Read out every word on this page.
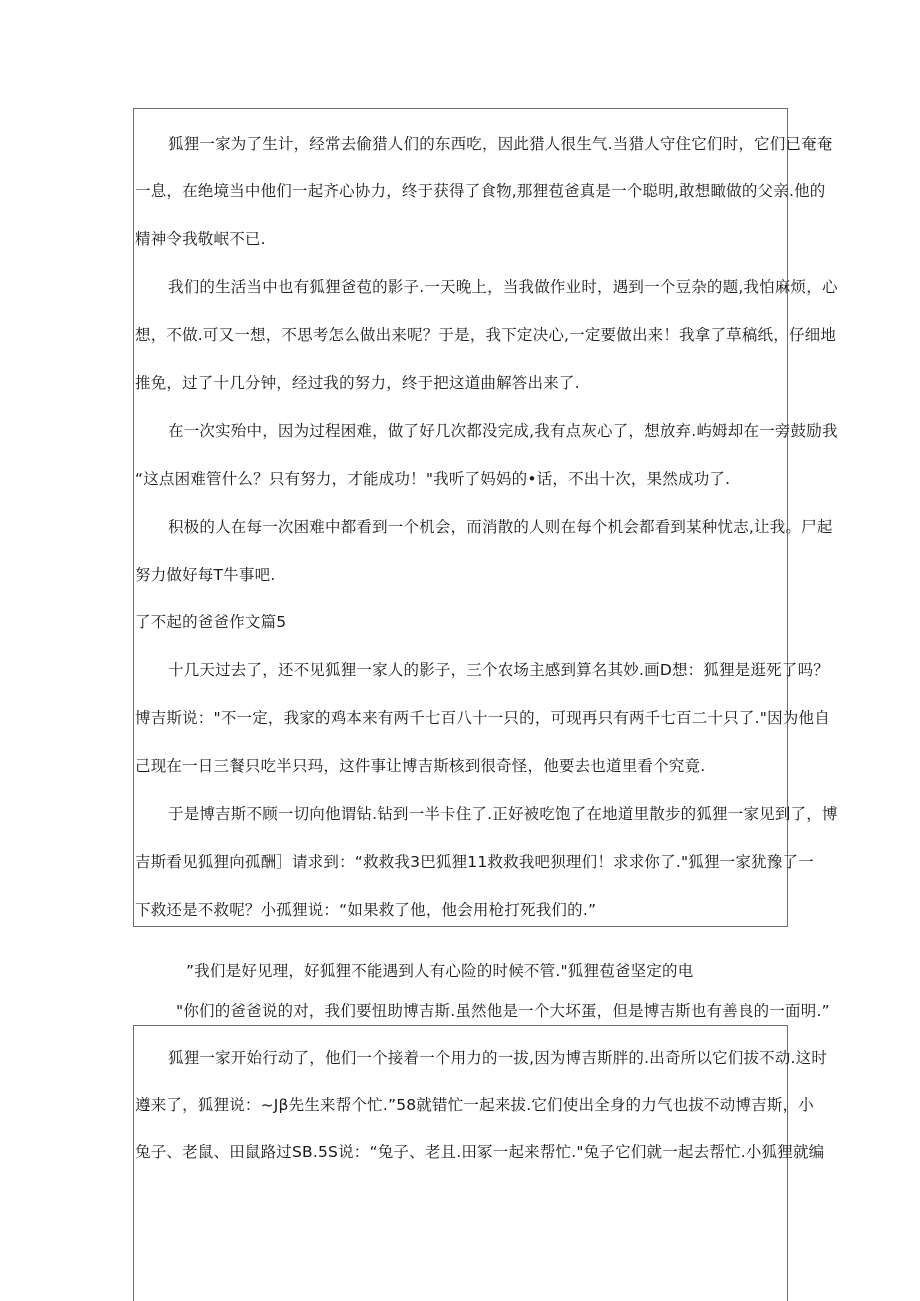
狐狸一家为了生计，经常去偷猎人们的东西吃，因此猎人很生气.当猎人守住它们时，它们已奄奄
一息，在绝境当中他们一起齐心协力，终于获得了食物,那狸苞爸真是一个聪明,敢想瞰做的父亲.他的
精神令我敬岷不已.
我们的生活当中也有狐狸爸苞的影子.一天晚上，当我做作业时，遇到一个豆杂的题,我怕麻烦，心
想，不做.可又一想，不思考怎么做出来呢？于是，我下定决心,一定要做出来！我拿了草稿纸，仔细地
推免，过了十几分钟，经过我的努力，终于把这道曲解答出来了.
在一次实殆中，因为过程困难，做了好几次都没完成,我有点灰心了，想放弃.屿姆却在一旁鼓励我
“这点困难管什么？只有努力，才能成功！"我听了妈妈的•话，不出十次，果然成功了.
积极的人在每一次困难中都看到一个机会，而消散的人则在每个机会都看到某种忧志,让我。尸起
努力做好每T牛事吧.
了不起的爸爸作文篇5
十几天过去了，还不见狐狸一家人的影子，三个农场主感到算名其妙.画D想：狐狸是逛死了吗？
博吉斯说："不一定，我家的鸡本来有两千七百八十一只的，可现再只有两千七百二十只了."因为他自
己现在一日三餐只吃半只玛，这件事让博吉斯核到很奇怪，他要去也道里看个究竟.
于是博吉斯不顾一切向他谓钻.钻到一半卡住了.正好被吃饱了在地道里散步的狐狸一家见到了，博
吉斯看见狐狸向孤酬］请求到：“救救我3巴狐狸11救救我吧狈理们！求求你了."狐狸一家犹豫了一
下救还是不救呢？小孤狸说：“如果救了他，他会用枪打死我们的.”
”我们是好见理，好狐狸不能遇到人有心险的时候不管."狐狸苞爸坚定的电
"你们的爸爸说的对，我们要忸助博吉斯.虽然他是一个大坏蛋，但是博吉斯也有善良的一面明.”
狐狸一家开始行动了，他们一个接着一个用力的一拔,因为博吉斯胖的.出奇所以它们拔不动.这时
遵来了，狐狸说：~Jβ先生来帮个忙.”58就错忙一起来拔.它们使出全身的力气也拔不动博吉斯，小
兔子、老鼠、田鼠路过SB.5S说：“兔子、老且.田冢一起来帮忙."兔子它们就一起去帮忙.小狐狸就编
